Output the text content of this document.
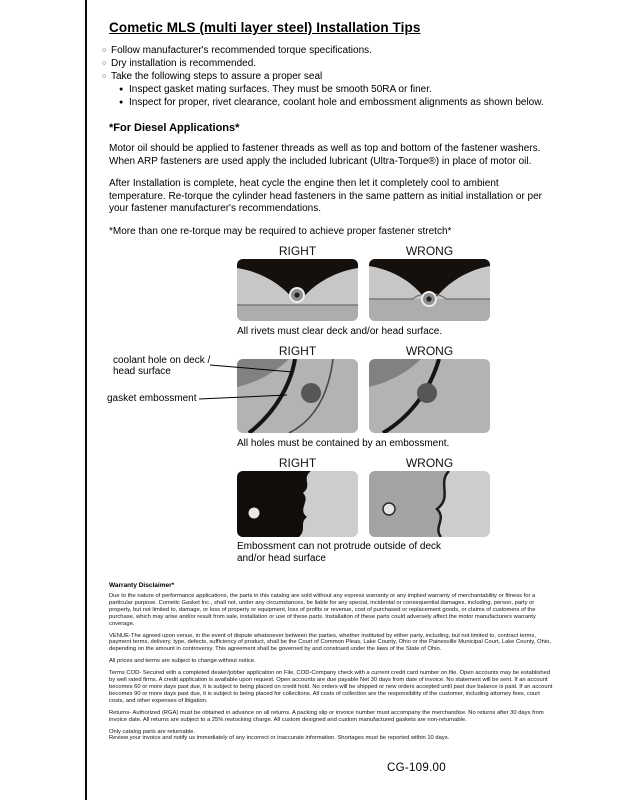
Cometic MLS (multi layer steel) Installation Tips
○ Follow manufacturer's recommended torque specifications.
○ Dry installation is recommended.
○ Take the following steps to assure a proper seal
● Inspect gasket mating surfaces. They must be smooth 50RA or finer.
● Inspect for proper, rivet clearance, coolant hole and embossment alignments as shown below.
*For Diesel Applications*

Motor oil should be applied to fastener threads as well as top and bottom of the fastener washers. When ARP fasteners are used apply the included lubricant (Ultra-Torque®) in place of motor oil.

After Installation is complete, heat cycle the engine then let it completely cool to ambient temperature. Re-torque the cylinder head fasteners in the same pattern as initial installation or per your fastener manufacturer's recommendations.

*More than one re-torque may be required to achieve proper fastener stretch*

RIGHT	WRONG
All rivets must clear deck and/or head surface.
RIGHT	WRONG
coolant hole on deck / head surface
gasket embossment
All holes must be contained by an embossment.
RIGHT	WRONG
Embossment can not protrude outside of deck and/or head surface
Warranty Disclaimer*

Due to the nature of performance applications, the parts in this catalog are sold without any express warranty or any implied warranty of merchantability or fitness for a particular purpose. Cometic Gasket Inc., shall not, under any circumstances, be liable for any special, incidental or consequential damages, including, person, party or property, but not limited to, damage, or loss of property or equipment, loss of profits or revenue, cost of purchased or replacement goods, or claims of customers of the purchase, which may arise and/or result from sale, installation or use of these parts. Installation of these parts could adversely affect the motor manufacturers warranty coverage.

VENUE-The agreed upon venue, in the event of dispute whatsoever between the parties, whether instituted by either party, including, but not limited to, contract terms, payment terms, delivery, type, defects, sufficiency of product, shall be the Court of Common Pleas, Lake County, Ohio or the Painesville Municipal Court, Lake County, Ohio, depending on the amount in controversy. This agreement shall be governed by and construed under the laws of the State of Ohio.

All prices and terms are subject to change without notice.

Terms COD- Secured with a completed dealer/jobber application on File, COD-Company check with a current credit card number on file. Open accounts may be established by well rated firms. A credit application is available upon request. Open accounts are due payable Net 30 days from date of invoice. No statement will be sent. If an account becomes 60 or more days past due, it is subject to being placed on credit hold. No orders will be shipped or new orders accepted until past due balance is paid. If an account becomes 90 or more days past due, it is subject to being placed for collections. All costs of collection are the responsibility of the customer, including attorney fees, court costs, and other expenses of litigation.

Returns- Authorized (RGA) must be obtained in advance on all returns. A packing slip or invoice number must accompany the merchandise. No returns after 30 days from invoice date. All returns are subject to a 25% restocking charge. All custom designed and custom manufactured gaskets are non-returnable.

Only catalog parts are returnable.

Review your invoice and notify us immediately of any incorrect or inaccurate information. Shortages must be reported within 10 days.

CG-109.00
